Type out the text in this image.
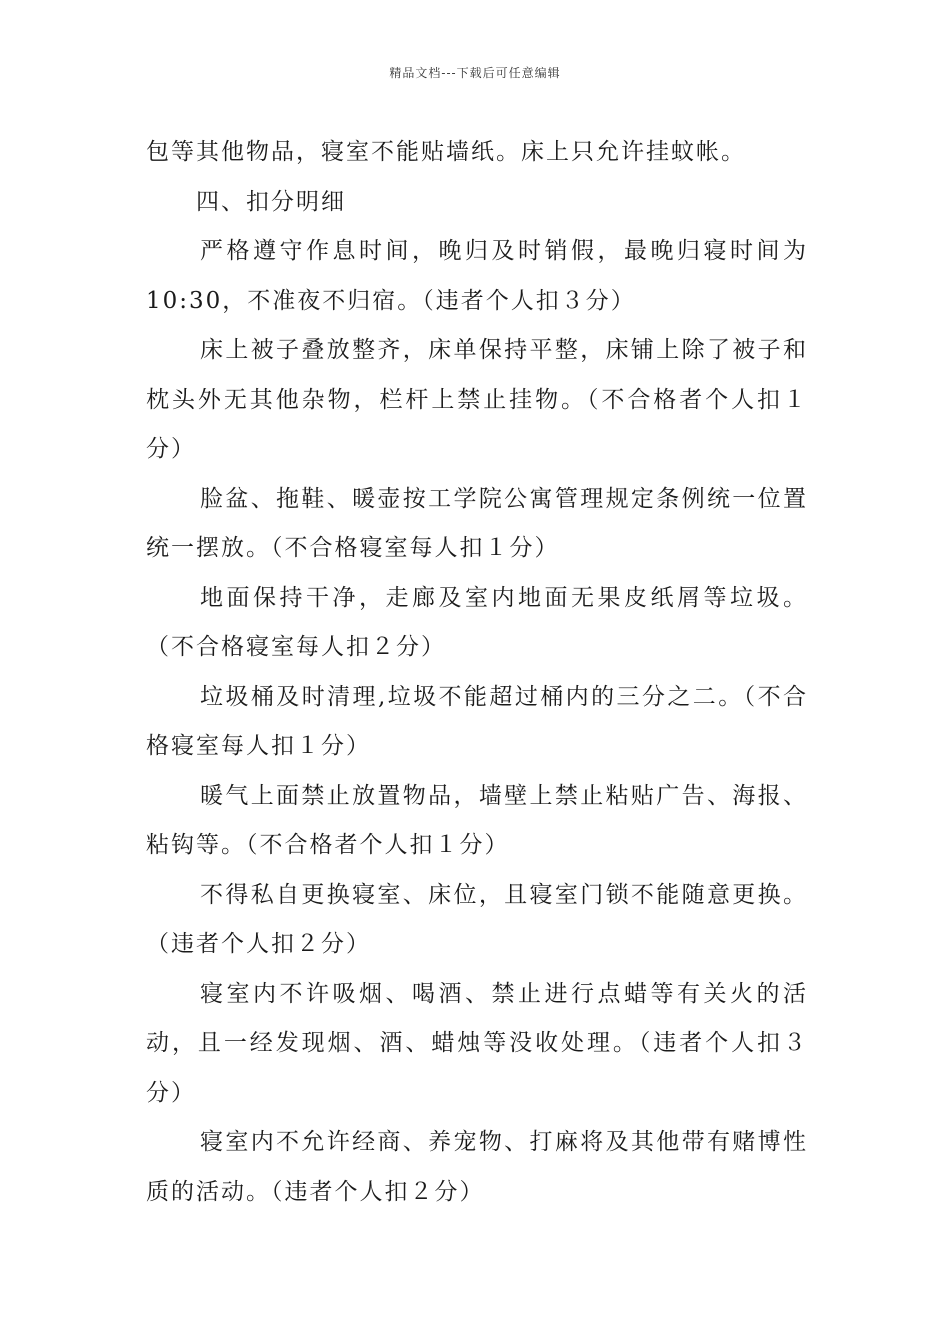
精品文档---下载后可任意编辑

包等其他物品，寝室不能贴墙纸。床上只允许挂蚊帐。

四、扣分明细

严格遵守作息时间，晚归及时销假，最晚归寝时间为10:30，不准夜不归宿。（违者个人扣３分）

床上被子叠放整齐，床单保持平整，床铺上除了被子和枕头外无其他杂物，栏杆上禁止挂物。（不合格者个人扣１分）

脸盆、拖鞋、暖壶按工学院公寓管理规定条例统一位置统一摆放。（不合格寝室每人扣１分）

地面保持干净，走廊及室内地面无果皮纸屑等垃圾。（不合格寝室每人扣２分）

垃圾桶及时清理,垃圾不能超过桶内的三分之二。（不合格寝室每人扣１分）

暖气上面禁止放置物品，墙壁上禁止粘贴广告、海报、粘钩等。（不合格者个人扣１分）

不得私自更换寝室、床位，且寝室门锁不能随意更换。（违者个人扣２分）

寝室内不许吸烟、喝酒、禁止进行点蜡等有关火的活动，且一经发现烟、酒、蜡烛等没收处理。（违者个人扣３分）

寝室内不允许经商、养宠物、打麻将及其他带有赌博性质的活动。（违者个人扣２分）
